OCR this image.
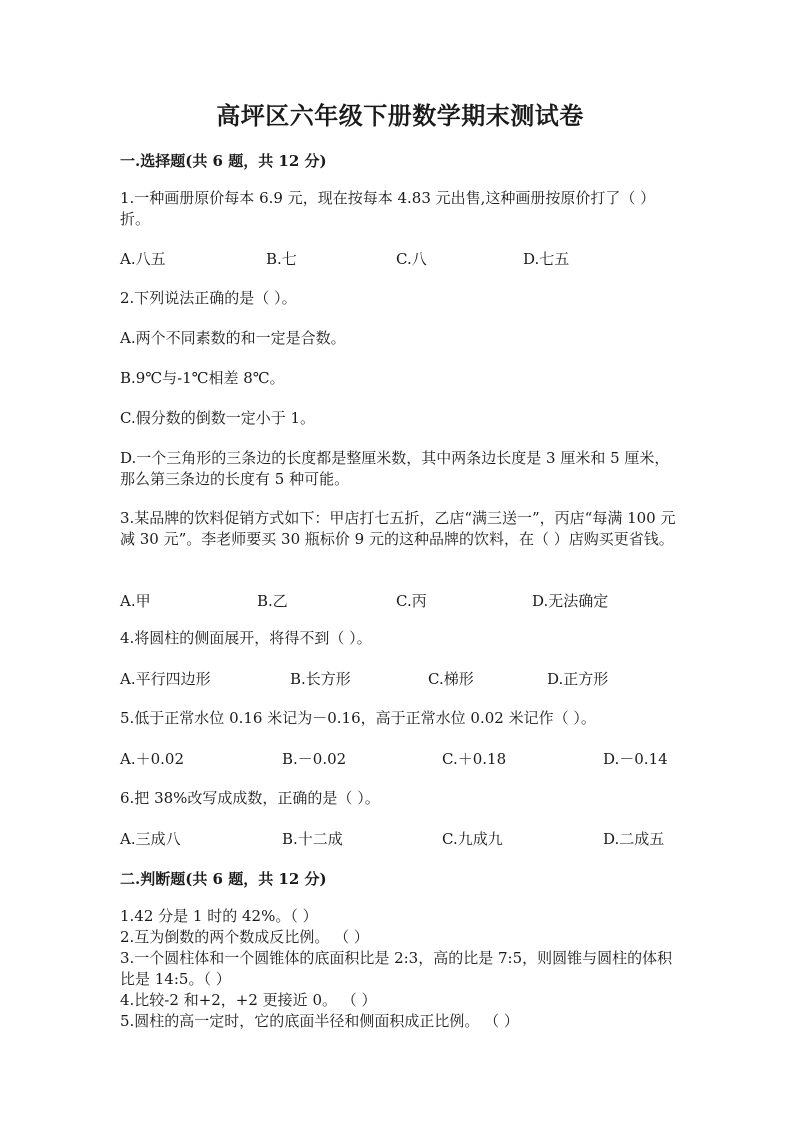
高坪区六年级下册数学期末测试卷
一.选择题(共 6 题，共 12 分)
1.一种画册原价每本 6.9 元，现在按每本 4.83 元出售,这种画册按原价打了（ ）折。
A.八五	B.七	C.八	D.七五
2.下列说法正确的是（ ）。
A.两个不同素数的和一定是合数。
B.9℃与-1℃相差 8℃。
C.假分数的倒数一定小于 1。
D.一个三角形的三条边的长度都是整厘米数，其中两条边长度是 3 厘米和 5 厘米，那么第三条边的长度有 5 种可能。
3.某品牌的饮料促销方式如下：甲店打七五折，乙店“满三送一”，丙店“每满 100 元减 30 元”。李老师要买 30 瓶标价 9 元的这种品牌的饮料，在（ ）店购买更省钱。
A.甲	B.乙	C.丙	D.无法确定
4.将圆柱的侧面展开，将得不到（ ）。
A.平行四边形	B.长方形	C.梯形	D.正方形
5.低于正常水位 0.16 米记为－0.16，高于正常水位 0.02 米记作（ ）。
A.＋0.02	B.－0.02	C.＋0.18	D.－0.14
6.把 38%改写成成数，正确的是（ ）。
A.三成八	B.十二成	C.九成九	D.二成五
二.判断题(共 6 题，共 12 分)
1.42 分是 1 时的 42%。（ ）
2.互为倒数的两个数成反比例。 （ ）
3.一个圆柱体和一个圆锥体的底面积比是 2:3，高的比是 7:5，则圆锥与圆柱的体积比是 14:5。（ ）
4.比较-2 和+2，+2 更接近 0。 （ ）
5.圆柱的高一定时，它的底面半径和侧面积成正比例。 （ ）
